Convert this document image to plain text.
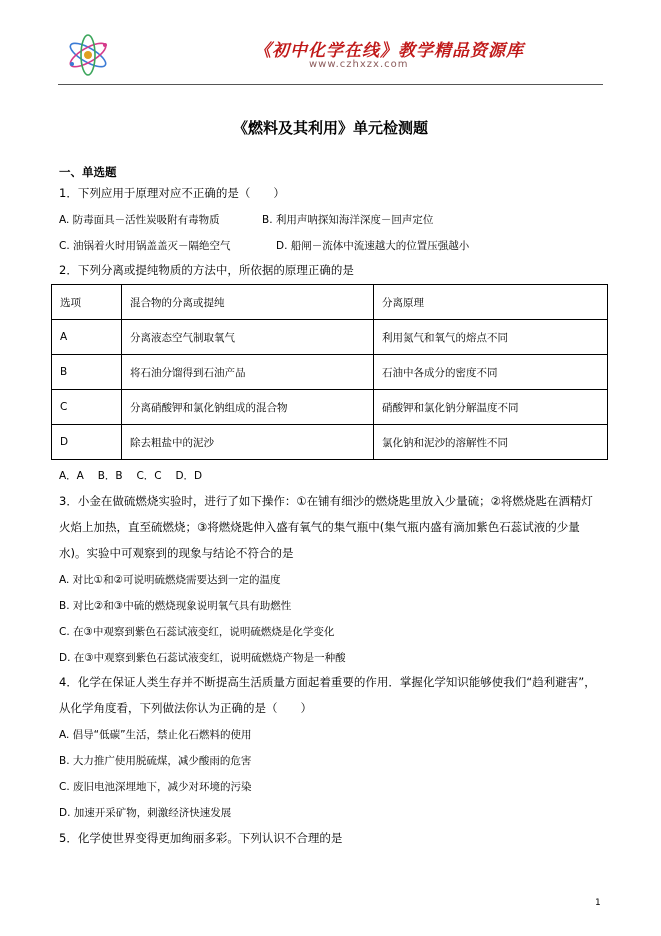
《初中化学在线》教学精品资源库
www.czhxzx.com
《燃料及其利用》单元检测题
一、单选题
1．下列应用于原理对应不正确的是（　　）
A. 防毒面具－活性炭吸附有毒物质	B. 利用声呐探知海洋深度－回声定位
C. 油锅着火时用锅盖盖灭－隔绝空气	D. 船闸－流体中流速越大的位置压强越小
2．下列分离或提纯物质的方法中，所依据的原理正确的是
选项	混合物的分离或提纯	分离原理
A	分离液态空气制取氧气	利用氮气和氧气的熔点不同
B	将石油分馏得到石油产品	石油中各成分的密度不同
C	分离硝酸钾和氯化钠组成的混合物	硝酸钾和氯化钠分解温度不同
D	除去粗盐中的泥沙	氯化钠和泥沙的溶解性不同
A．A　 B．B　 C．C　 D．D
3．小金在做硫燃烧实验时，进行了如下操作：①在铺有细沙的燃烧匙里放入少量硫；②将燃烧匙在酒精灯
火焰上加热，直至硫燃烧；③将燃烧匙伸入盛有氧气的集气瓶中(集气瓶内盛有滴加紫色石蕊试液的少量
水)。实验中可观察到的现象与结论不符合的是
A. 对比①和②可说明硫燃烧需要达到一定的温度
B. 对比②和③中硫的燃烧现象说明氧气具有助燃性
C. 在③中观察到紫色石蕊试液变红，说明硫燃烧是化学变化
D. 在③中观察到紫色石蕊试液变红，说明硫燃烧产物是一种酸
4．化学在保证人类生存并不断提高生活质量方面起着重要的作用．掌握化学知识能够使我们“趋利避害”，
从化学角度看，下列做法你认为正确的是（　　）
A. 倡导“低碳”生活，禁止化石燃料的使用
B. 大力推广使用脱硫煤，减少酸雨的危害
C. 废旧电池深埋地下，减少对环境的污染
D. 加速开采矿物，刺激经济快速发展
5．化学使世界变得更加绚丽多彩。下列认识不合理的是
1
